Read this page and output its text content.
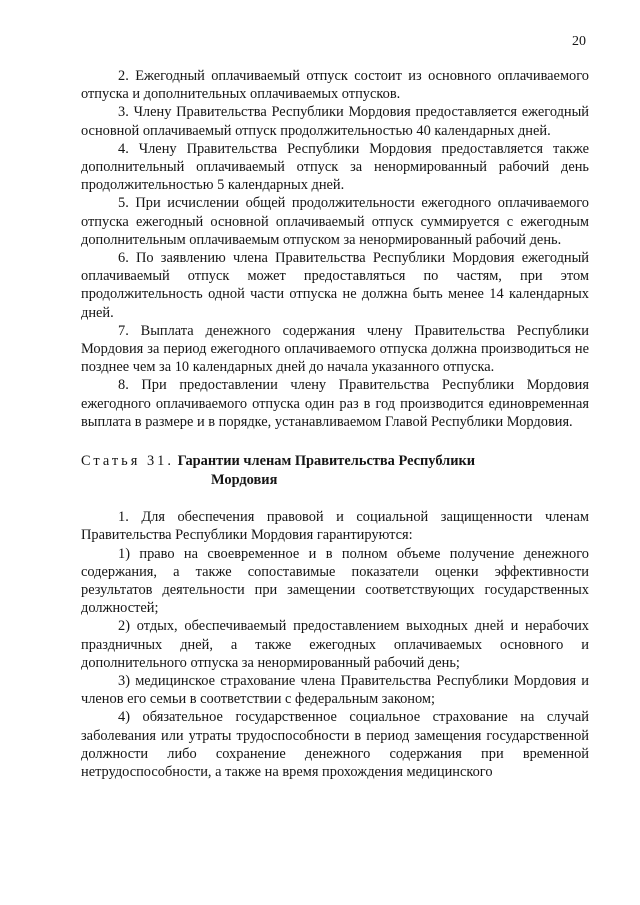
20

2. Ежегодный оплачиваемый отпуск состоит из основного оплачиваемого отпуска и дополнительных оплачиваемых отпусков.

3. Члену Правительства Республики Мордовия предоставляется ежегодный основной оплачиваемый отпуск продолжительностью 40 календарных дней.

4. Члену Правительства Республики Мордовия предоставляется также дополнительный оплачиваемый отпуск за ненормированный рабочий день продолжительностью 5 календарных дней.

5. При исчислении общей продолжительности ежегодного оплачиваемого отпуска ежегодный основной оплачиваемый отпуск суммируется с ежегодным дополнительным оплачиваемым отпуском за ненормированный рабочий день.

6. По заявлению члена Правительства Республики Мордовия ежегодный оплачиваемый отпуск может предоставляться по частям, при этом продолжительность одной части отпуска не должна быть менее 14 календарных дней.

7. Выплата денежного содержания члену Правительства Республики Мордовия за период ежегодного оплачиваемого отпуска должна производиться не позднее чем за 10 календарных дней до начала указанного отпуска.

8. При предоставлении члену Правительства Республики Мордовия ежегодного оплачиваемого отпуска один раз в год производится единовременная выплата в размере и в порядке, устанавливаемом Главой Республики Мордовия.

Статья 31. Гарантии членам Правительства Республики
Мордовия

1. Для обеспечения правовой и социальной защищенности членам Правительства Республики Мордовия гарантируются:

1) право на своевременное и в полном объеме получение денежного содержания, а также сопоставимые показатели оценки эффективности результатов деятельности при замещении соответствующих государственных должностей;

2) отдых, обеспечиваемый предоставлением выходных дней и нерабочих праздничных дней, а также ежегодных оплачиваемых основного и дополнительного отпуска за ненормированный рабочий день;

3) медицинское страхование члена Правительства Республики Мордовия и членов его семьи в соответствии с федеральным законом;

4) обязательное государственное социальное страхование на случай заболевания или утраты трудоспособности в период замещения государственной должности либо сохранение денежного содержания при временной нетрудоспособности, а также на время прохождения медицинского
